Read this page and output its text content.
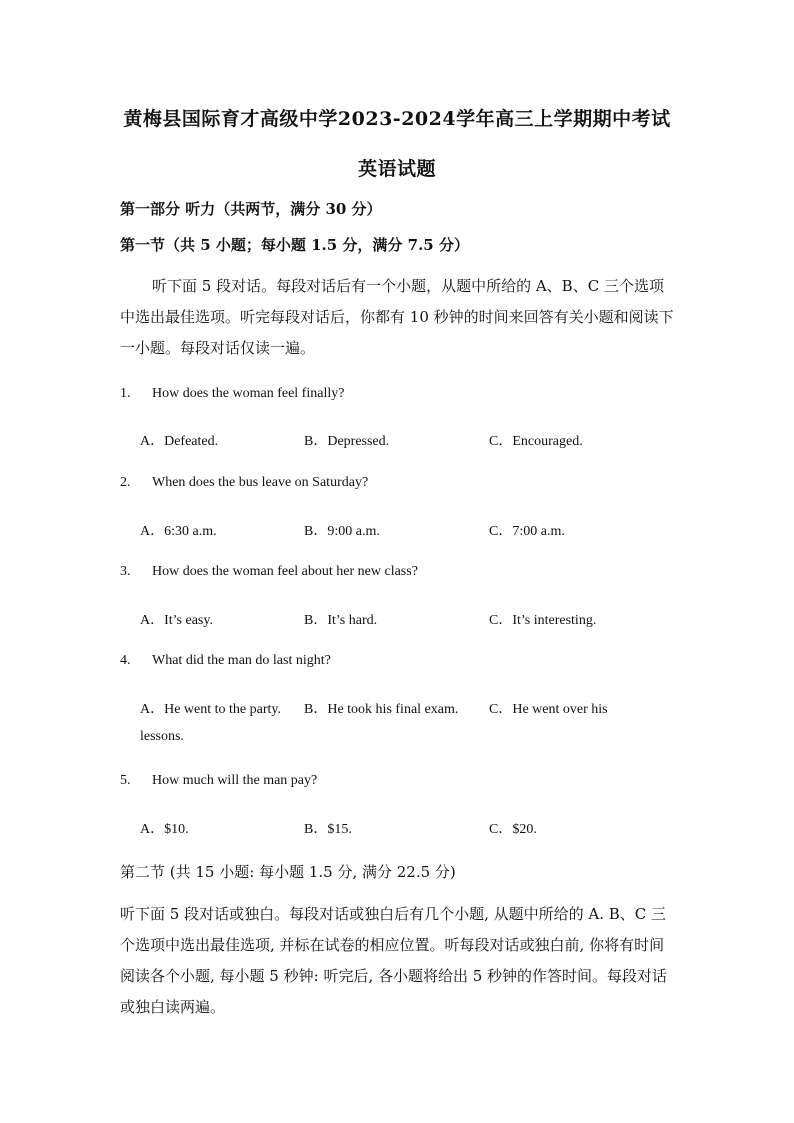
黄梅县国际育才高级中学2023-2024学年高三上学期期中考试
英语试题
第一部分 听力（共两节，满分 30 分）
第一节（共 5 小题；每小题 1.5 分，满分 7.5 分）
听下面 5 段对话。每段对话后有一个小题，从题中所给的 A、B、C 三个选项中选出最佳选项。听完每段对话后，你都有 10 秒钟的时间来回答有关小题和阅读下一小题。每段对话仅读一遍。
1. How does the woman feel finally?
A．Defeated.	B．Depressed.	C．Encouraged.
2. When does the bus leave on Saturday?
A．6:30 a.m.	B．9:00 a.m.	C．7:00 a.m.
3. How does the woman feel about her new class?
A．It’s easy.	B．It’s hard.	C．It’s interesting.
4. What did the man do last night?
A．He went to the party. B．He took his final exam. C．He went over his
lessons.
5. How much will the man pay?
A．$10.	B．$15.	C．$20.
第二节 (共 15 小题: 每小题 1.5 分, 满分 22.5 分)
听下面 5 段对话或独白。每段对话或独白后有几个小题, 从题中所给的 A. B、C 三个选项中选出最佳选项, 并标在试卷的相应位置。听每段对话或独白前, 你将有时间阅读各个小题, 每小题 5 秒钟: 听完后, 各小题将给出 5 秒钟的作答时间。每段对话或独白读两遍。
